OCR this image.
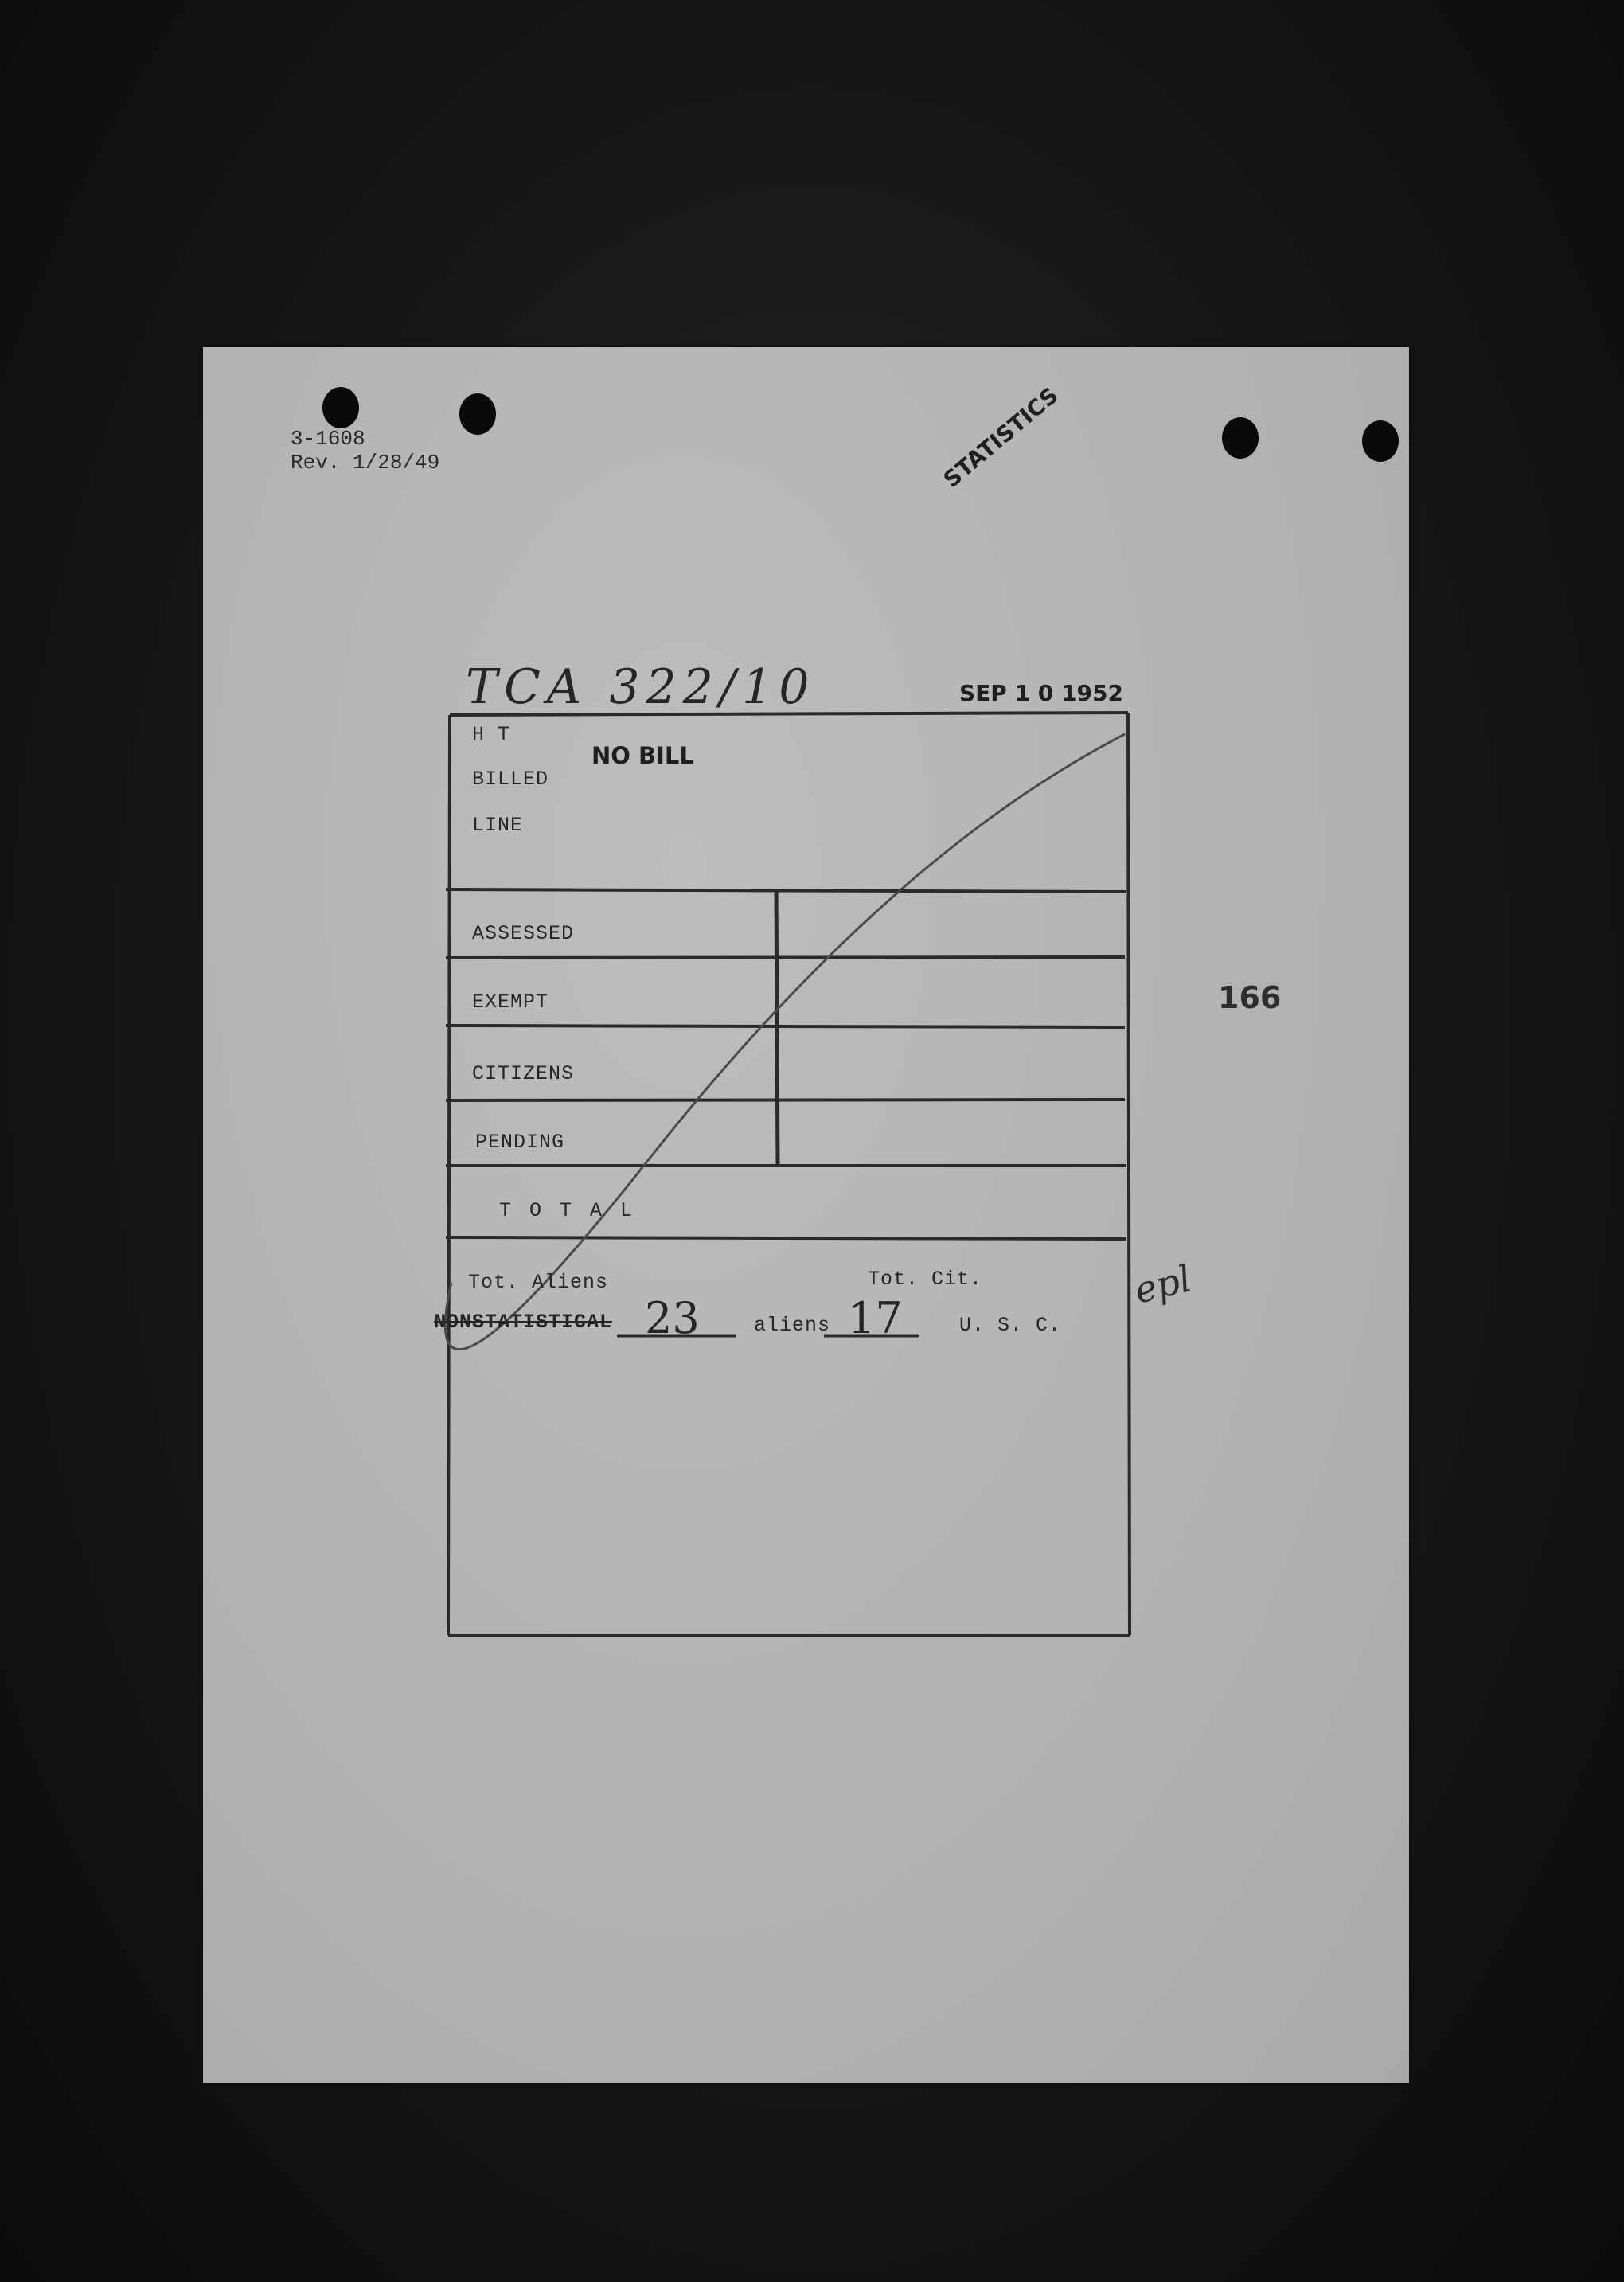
3-1608
Rev. 1/28/49	STATISTICS
TCA 322/10	SEP 1 0 1952
166
H T
NO BILL
BILLED
LINE
ASSESSED
EXEMPT
CITIZENS
PENDING
T O T A L
Tot. Aliens	Tot. Cit.	epl
NONSTATISTICAL 23	aliens 17	U. S. C.
